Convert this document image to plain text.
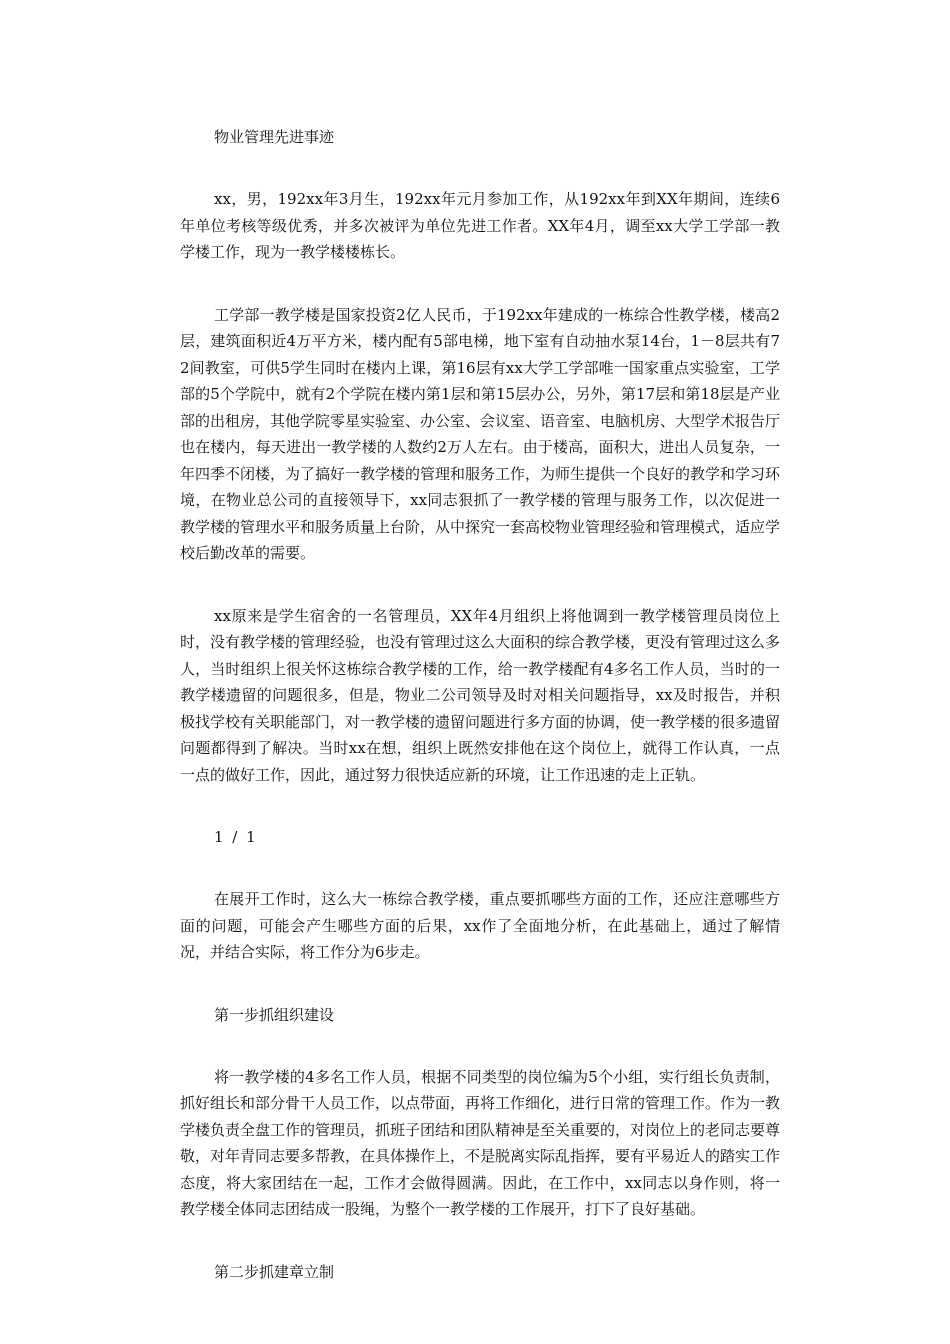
物业管理先进事迹
xx，男，192xx年3月生，192xx年元月参加工作，从192xx年到XX年期间，连续6年单位考核等级优秀，并多次被评为单位先进工作者。XX年4月，调至xx大学工学部一教学楼工作，现为一教学楼楼栋长。
工学部一教学楼是国家投资2亿人民币，于192xx年建成的一栋综合性教学楼，楼高2层，建筑面积近4万平方米，楼内配有5部电梯，地下室有自动抽水泵14台，1－8层共有72间教室，可供5学生同时在楼内上课，第16层有xx大学工学部唯一国家重点实验室，工学部的5个学院中，就有2个学院在楼内第1层和第15层办公，另外，第17层和第18层是产业部的出租房，其他学院零星实验室、办公室、会议室、语音室、电脑机房、大型学术报告厅也在楼内，每天进出一教学楼的人数约2万人左右。由于楼高，面积大，进出人员复杂，一年四季不闭楼，为了搞好一教学楼的管理和服务工作，为师生提供一个良好的教学和学习环境，在物业总公司的直接领导下，xx同志狠抓了一教学楼的管理与服务工作，以次促进一教学楼的管理水平和服务质量上台阶，从中探究一套高校物业管理经验和管理模式，适应学校后勤改革的需要。
xx原来是学生宿舍的一名管理员，XX年4月组织上将他调到一教学楼管理员岗位上时，没有教学楼的管理经验，也没有管理过这么大面积的综合教学楼，更没有管理过这么多人，当时组织上很关怀这栋综合教学楼的工作，给一教学楼配有4多名工作人员，当时的一教学楼遗留的问题很多，但是，物业二公司领导及时对相关问题指导，xx及时报告，并积极找学校有关职能部门，对一教学楼的遗留问题进行多方面的协调，使一教学楼的很多遗留问题都得到了解决。当时xx在想，组织上既然安排他在这个岗位上，就得工作认真，一点一点的做好工作，因此，通过努力很快适应新的环境，让工作迅速的走上正轨。
1 / 1
在展开工作时，这么大一栋综合教学楼，重点要抓哪些方面的工作，还应注意哪些方面的问题，可能会产生哪些方面的后果，xx作了全面地分析，在此基础上，通过了解情况，并结合实际，将工作分为6步走。
第一步抓组织建设
将一教学楼的4多名工作人员，根据不同类型的岗位编为5个小组，实行组长负责制，抓好组长和部分骨干人员工作，以点带面，再将工作细化，进行日常的管理工作。作为一教学楼负责全盘工作的管理员，抓班子团结和团队精神是至关重要的，对岗位上的老同志要尊敬，对年青同志要多帮教，在具体操作上，不是脱离实际乱指挥，要有平易近人的踏实工作态度，将大家团结在一起，工作才会做得圆满。因此，在工作中，xx同志以身作则，将一教学楼全体同志团结成一股绳，为整个一教学楼的工作展开，打下了良好基础。
第二步抓建章立制
